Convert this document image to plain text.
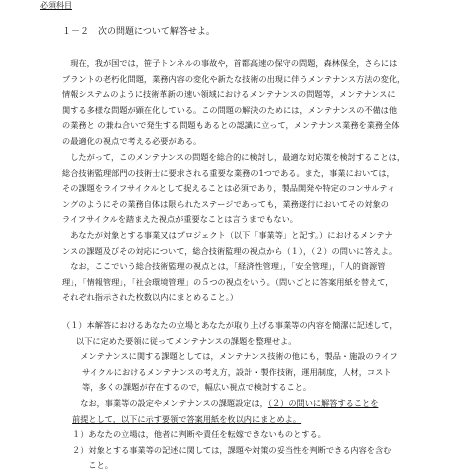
必須科目
１－２　次の問題について解答せよ。
　現在，我が国では，笹子トンネルの事故や，首都高速の保守の問題，森林保全，さらには
プラントの老朽化問題，業務内容の変化や新たな技術の出現に伴うメンテナンス方法の変化，
情報システムのように技術革新の速い領域におけるメンテナンスの問題等，メンテナンスに
関する多様な問題が顕在化している。この問題の解決のためには，メンテナンスの不備は他
の業務と の兼ね合いで発生する問題もあるとの認識に立って，メンテナンス業務を業務全体
の最適化の視点で考える必要がある。
　したがって，このメンテナンスの問題を総合的に検討し，最適な対応策を検討することは，
総合技術監理部門の技術士に要求される重要な業務の1つである。また，事業においては，
その課題をライフサイクルとして捉えることは必須であり，製品開発や特定のコンサルティ
ングのようにその業務自体は限られたステージであっても，業務遂行においてその対象の
ライフサイクルを踏まえた視点が重要なことは言うまでもない。
　あなたが対象とする事業又はプロジェクト（以下「事業等」と記す。）におけるメンテナ
ンスの課題及びその対応について，総合技術監理の視点から（１），（２）の問いに答えよ。
　なお，ここでいう総合技術監理の視点とは，「経済性管理」，「安全管理」，「人的資源管
理」，「情報管理」，「社会環境管理」の５つの視点をいう。（問いごとに答案用紙を替えて，
それぞれ指示された枚数以内にまとめること。）
（１）本解答におけるあなたの立場とあなたが取り上げる事業等の内容を簡潔に記述して，
以下に定めた要領に従ってメンテナンスの課題を整理せよ。
　メンテナンスに関する課題としては，メンテナンス技術の他にも，製品・施設のライフ
サイクルにおけるメンテナンスの考え方，設計・製作技術，運用制度，人材，コスト
等，多くの課題が存在するので，幅広い視点で検討すること。
　なお，事業等の設定やメンテナンスの課題設定は，（２）の問いに解答することを
前提として，以下に示す要領で答案用紙を枚以内にまとめよ。
１）あなたの立場は，他者に判断や責任を転嫁できないものとする。
２）対象とする事業等の記述に関しては，課題や対策の妥当性を判断できる内容を含む
　　こと。
